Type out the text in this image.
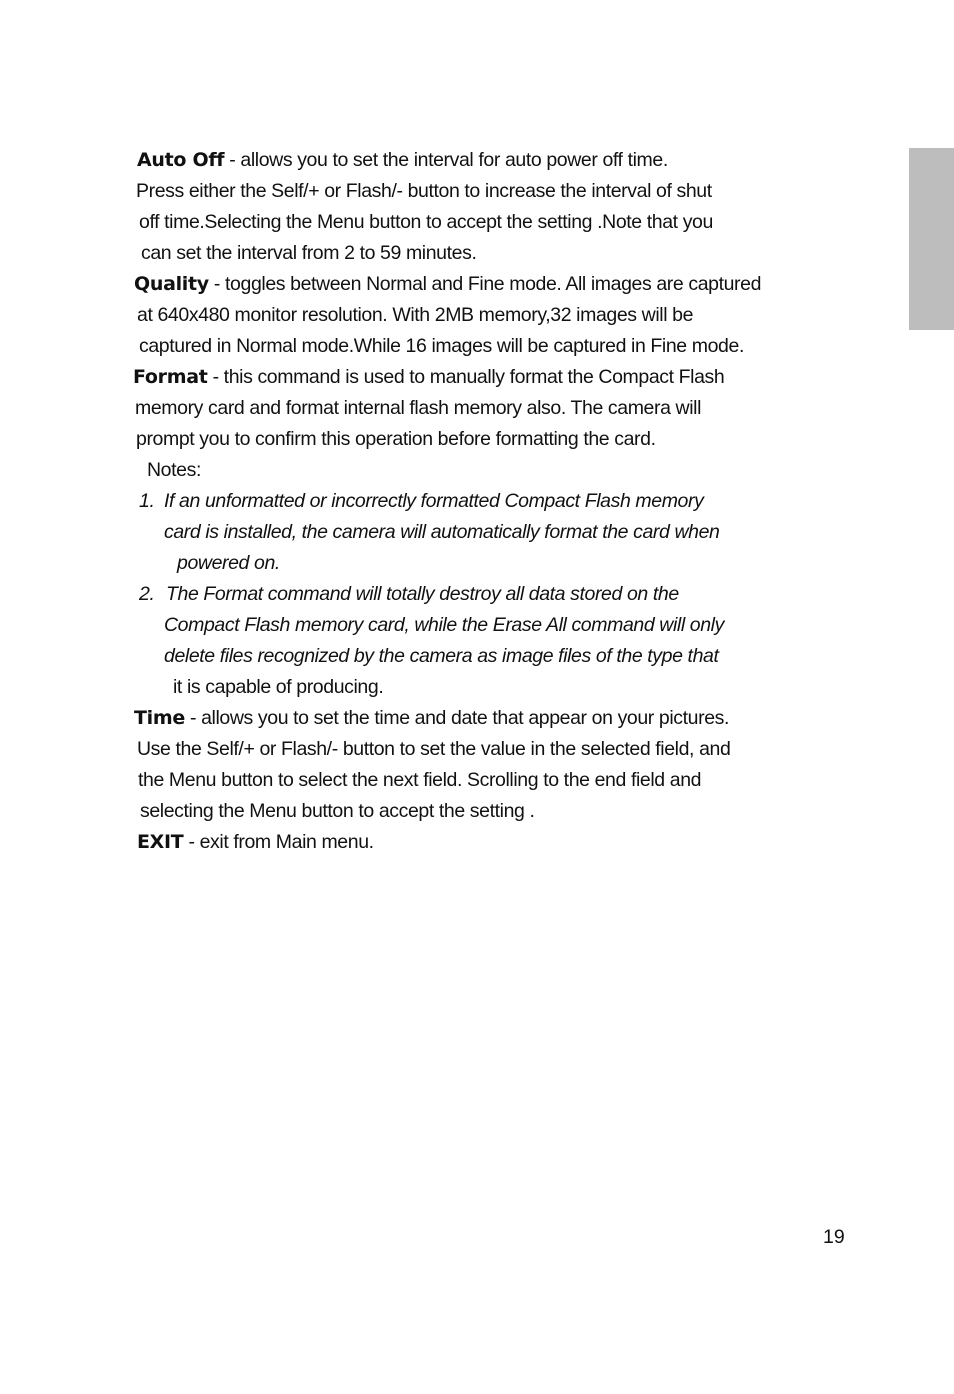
Auto Off - allows you to set the interval for auto power off time.
Press either the Self/+ or Flash/- button to increase the interval of shut
off time.Selecting the Menu button to accept the setting .Note that you
can set the interval from 2 to 59 minutes.
Quality - toggles between Normal and Fine mode. All images are captured
at 640x480 monitor resolution. With 2MB memory,32 images will be
captured in Normal mode.While 16 images will be captured in Fine mode.
Format - this command is used to manually format the Compact Flash
memory card and format internal flash memory also. The camera will
prompt you to confirm this operation before formatting the card.
Notes:
1. If an unformatted or incorrectly formatted Compact Flash memory
card is installed, the camera will automatically format the card when
powered on.
2. The Format command will totally destroy all data stored on the
Compact Flash memory card, while the Erase All command will only
delete files recognized by the camera as image files of the type that
it is capable of producing.
Time - allows you to set the time and date that appear on your pictures.
Use the Self/+ or Flash/- button to set the value in the selected field, and
the Menu button to select the next field. Scrolling to the end field and
selecting the Menu button to accept the setting .
EXIT - exit from Main menu.
19
